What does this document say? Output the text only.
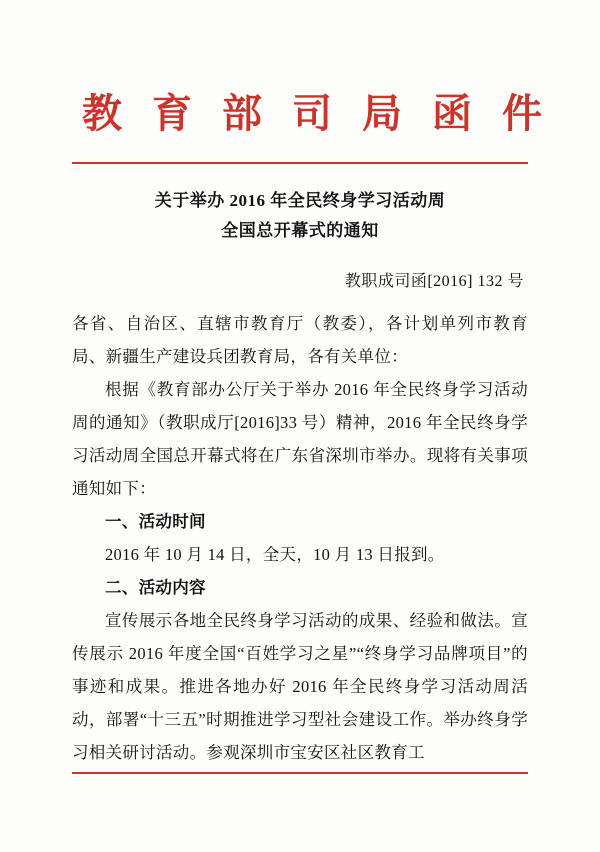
教 育 部 司 局 函 件
关于举办 2016 年全民终身学习活动周
全国总开幕式的通知
教职成司函[2016] 132 号

各省、自治区、直辖市教育厅（教委），各计划单列市教育局、新疆生产建设兵团教育局，各有关单位：

根据《教育部办公厅关于举办 2016 年全民终身学习活动周的通知》（教职成厅[2016]33 号）精神，2016 年全民终身学习活动周全国总开幕式将在广东省深圳市举办。现将有关事项通知如下：

一、活动时间

2016 年 10 月 14 日，全天，10 月 13 日报到。

二、活动内容

宣传展示各地全民终身学习活动的成果、经验和做法。宣传展示 2016 年度全国“百姓学习之星”“终身学习品牌项目”的事迹和成果。推进各地办好 2016 年全民终身学习活动周活动，部署“十三五”时期推进学习型社会建设工作。举办终身学习相关研讨活动。参观深圳市宝安区社区教育工
